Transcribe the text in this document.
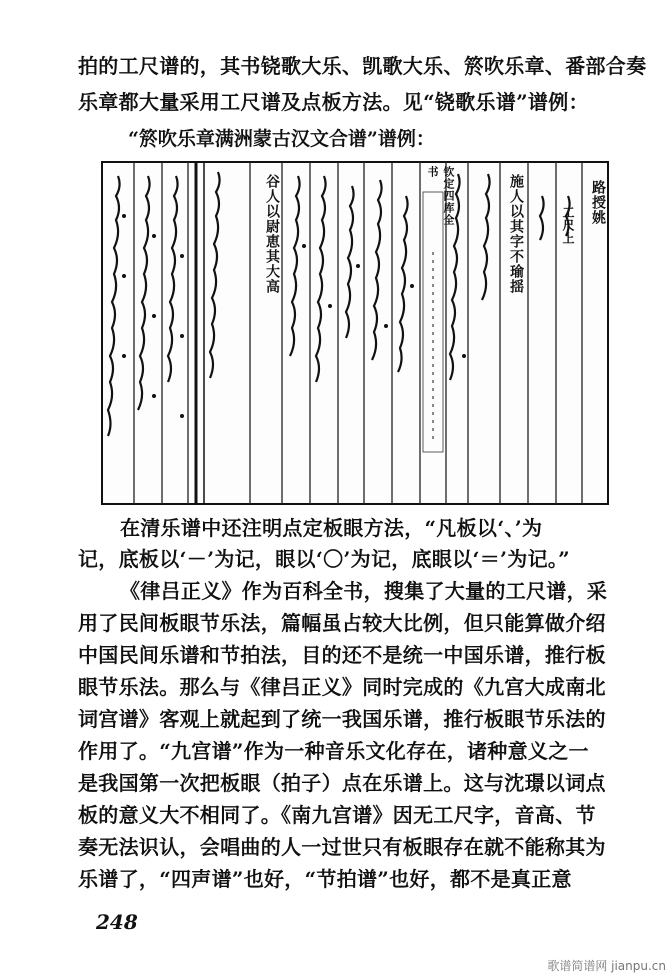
拍的工尺谱的，其书铙歌大乐、凯歌大乐、箊吹乐章、番部合奏
乐章都大量采用工尺谱及点板方法。见“铙歌乐谱”谱例：
“箊吹乐章满洲蒙古汉文合谱”谱例：
谷人以尉恵其大高	施人以其字不瑜揺
钦定四库全书
路授姚
工尺上
在清乐谱中还注明点定板眼方法，“凡板以‘、’为
记，底板以‘－’为记，眼以‘〇’为记，底眼以‘＝’为记。”
《律吕正义》作为百科全书，搜集了大量的工尺谱，采
用了民间板眼节乐法，篇幅虽占较大比例，但只能算做介绍
中国民间乐谱和节拍法，目的还不是统一中国乐谱，推行板
眼节乐法。那么与《律吕正义》同时完成的《九宫大成南北
词宫谱》客观上就起到了统一我国乐谱，推行板眼节乐法的
作用了。“九宫谱”作为一种音乐文化存在，诸种意义之一
是我国第一次把板眼（拍子）点在乐谱上。这与沈璟以词点
板的意义大不相同了。《南九宫谱》因无工尺字，音高、节
奏无法识认，会唱曲的人一过世只有板眼存在就不能称其为
乐谱了，“四声谱”也好，“节拍谱”也好，都不是真正意
248
歌谱简谱网 jianpu.cn
